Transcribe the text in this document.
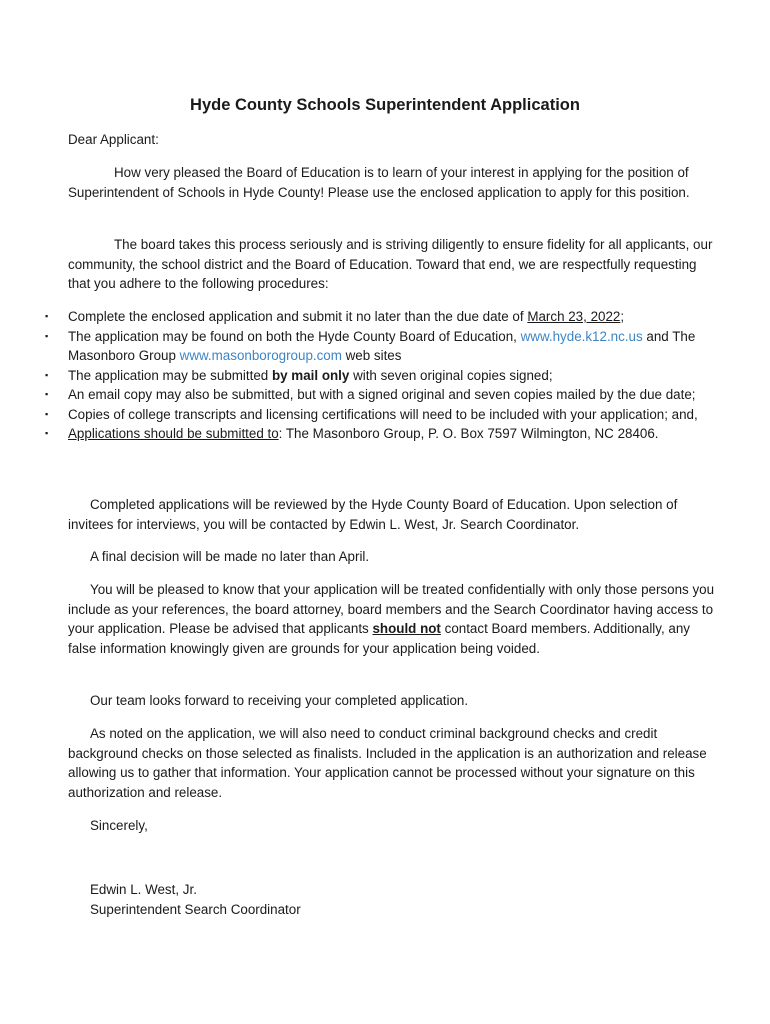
Hyde County Schools Superintendent Application
Dear Applicant:
How very pleased the Board of Education is to learn of your interest in applying for the position of Superintendent of Schools in Hyde County! Please use the enclosed application to apply for this position.
The board takes this process seriously and is striving diligently to ensure fidelity for all applicants, our community, the school district and the Board of Education. Toward that end, we are respectfully requesting that you adhere to the following procedures:
▪ Complete the enclosed application and submit it no later than the due date of March 23, 2022;
▪ The application may be found on both the Hyde County Board of Education, www.hyde.k12.nc.us and The Masonboro Group www.masonborogroup.com web sites
▪ The application may be submitted by mail only with seven original copies signed;
▪ An email copy may also be submitted, but with a signed original and seven copies mailed by the due date;
▪ Copies of college transcripts and licensing certifications will need to be included with your application; and,
▪ Applications should be submitted to: The Masonboro Group, P. O. Box 7597 Wilmington, NC 28406.
Completed applications will be reviewed by the Hyde County Board of Education. Upon selection of invitees for interviews, you will be contacted by Edwin L. West, Jr. Search Coordinator.
A final decision will be made no later than April.
You will be pleased to know that your application will be treated confidentially with only those persons you include as your references, the board attorney, board members and the Search Coordinator having access to your application. Please be advised that applicants should not contact Board members. Additionally, any false information knowingly given are grounds for your application being voided.
Our team looks forward to receiving your completed application.
As noted on the application, we will also need to conduct criminal background checks and credit background checks on those selected as finalists. Included in the application is an authorization and release allowing us to gather that information. Your application cannot be processed without your signature on this authorization and release.
Sincerely,
Edwin L. West, Jr.
Superintendent Search Coordinator
